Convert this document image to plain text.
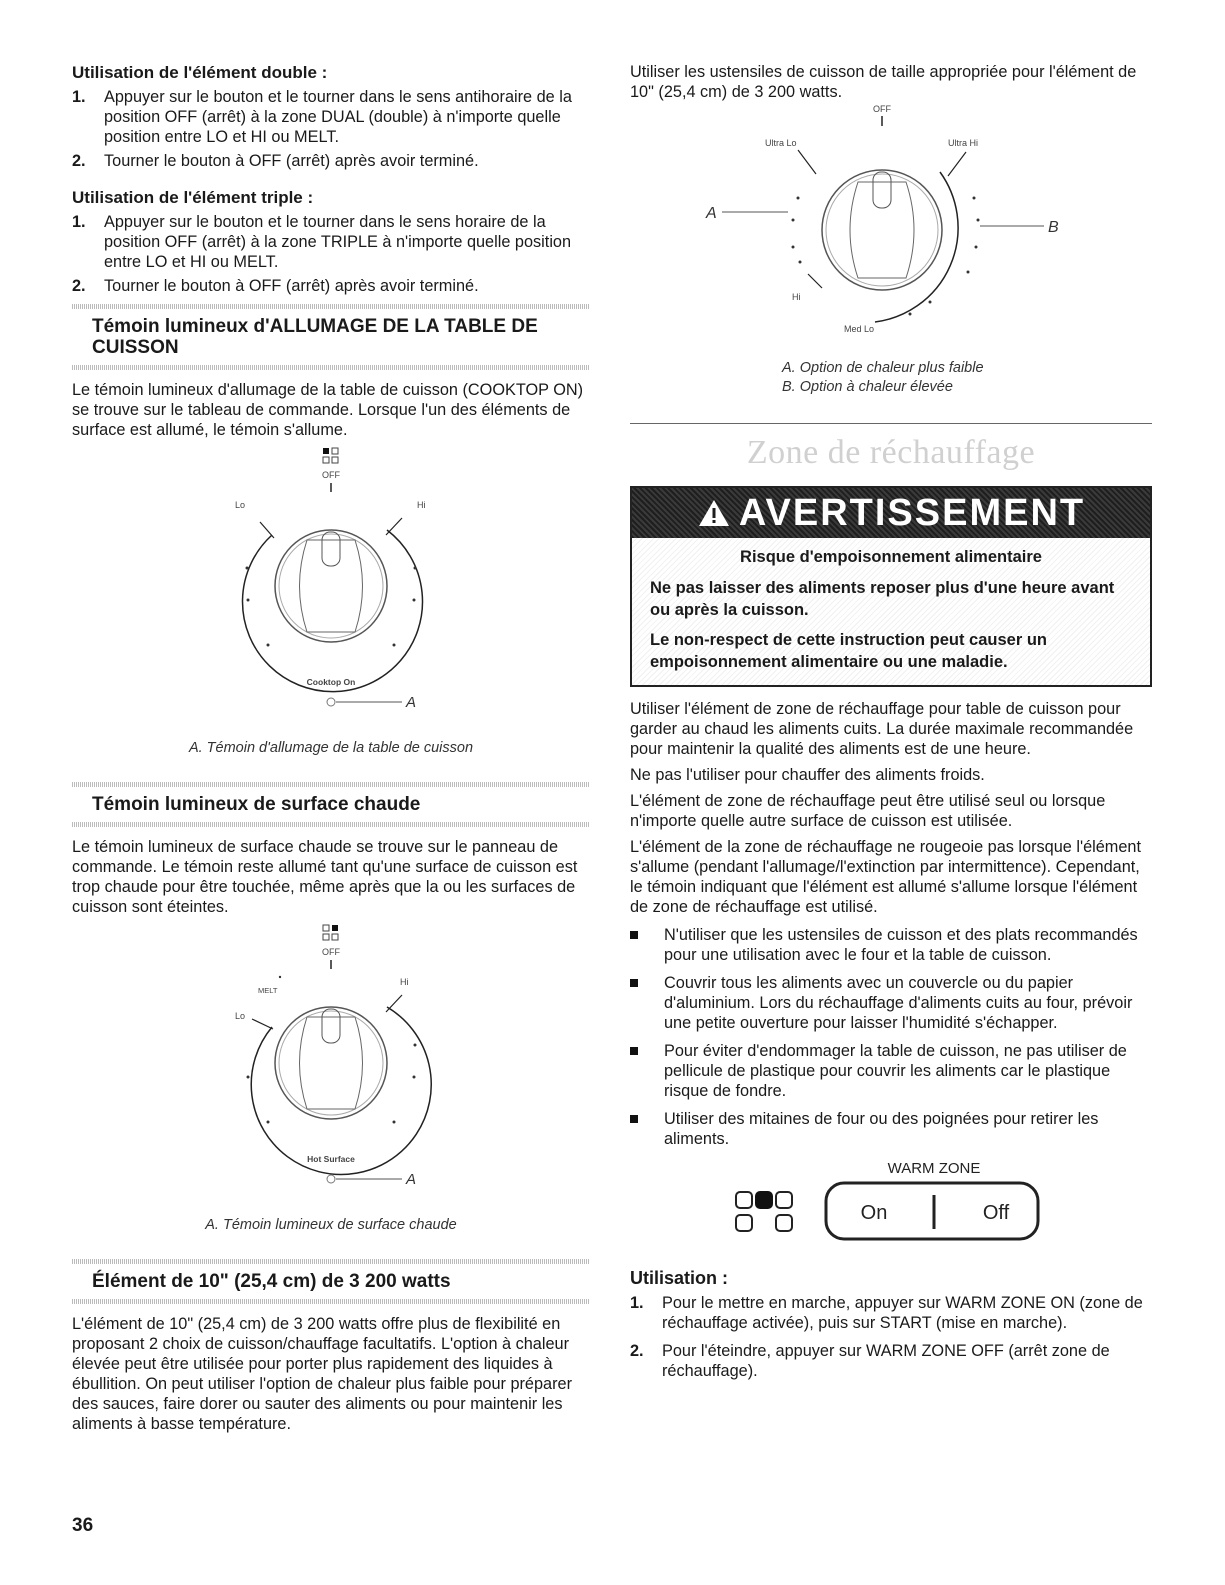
Utilisation de l'élément double :
1. Appuyer sur le bouton et le tourner dans le sens antihoraire de la position OFF (arrêt) à la zone DUAL (double) à n'importe quelle position entre LO et HI ou MELT.
2. Tourner le bouton à OFF (arrêt) après avoir terminé.
Utilisation de l'élément triple :
1. Appuyer sur le bouton et le tourner dans le sens horaire de la position OFF (arrêt) à la zone TRIPLE à n'importe quelle position entre LO et HI ou MELT.
2. Tourner le bouton à OFF (arrêt) après avoir terminé.
Témoin lumineux d'ALLUMAGE DE LA TABLE DE CUISSON

Le témoin lumineux d'allumage de la table de cuisson (COOKTOP ON) se trouve sur le tableau de commande. Lorsque l'un des éléments de surface est allumé, le témoin s'allume.

OFF
Lo	Hi
Cooktop On
A
A. Témoin d'allumage de la table de cuisson
Témoin lumineux de surface chaude

Le témoin lumineux de surface chaude se trouve sur le panneau de commande. Le témoin reste allumé tant qu'une surface de cuisson est trop chaude pour être touchée, même après que la ou les surfaces de cuisson sont éteintes.

OFF
MELT
Lo
Hi
Hot Surface
A
A. Témoin lumineux de surface chaude
Élément de 10" (25,4 cm) de 3 200 watts

L'élément de 10" (25,4 cm) de 3 200 watts offre plus de flexibilité en proposant 2 choix de cuisson/chauffage facultatifs. L'option à chaleur élevée peut être utilisée pour porter plus rapidement des liquides à ébullition. On peut utiliser l'option de chaleur plus faible pour préparer des sauces, faire dorer ou sauter des aliments ou pour maintenir les aliments à basse température.

Utiliser les ustensiles de cuisson de taille appropriée pour l'élément de 10" (25,4 cm) de 3 200 watts.

OFF
Ultra Lo	Ultra Hi
A
B
Hi
Med Lo
A. Option de chaleur plus faible
B. Option à chaleur élevée
Zone de réchauffage
AVERTISSEMENT
Risque d'empoisonnement alimentaire
Ne pas laisser des aliments reposer plus d'une heure avant ou après la cuisson.
Le non-respect de cette instruction peut causer un empoisonnement alimentaire ou une maladie.

Utiliser l'élément de zone de réchauffage pour table de cuisson pour garder au chaud les aliments cuits. La durée maximale recommandée pour maintenir la qualité des aliments est de une heure.

Ne pas l'utiliser pour chauffer des aliments froids.

L'élément de zone de réchauffage peut être utilisé seul ou lorsque n'importe quelle autre surface de cuisson est utilisée.

L'élément de la zone de réchauffage ne rougeoie pas lorsque l'élément s'allume (pendant l'allumage/l'extinction par intermittence). Cependant, le témoin indiquant que l'élément est allumé s'allume lorsque l'élément de zone de réchauffage est utilisé.

N'utiliser que les ustensiles de cuisson et des plats recommandés pour une utilisation avec le four et la table de cuisson.
Couvrir tous les aliments avec un couvercle ou du papier d'aluminium. Lors du réchauffage d'aliments cuits au four, prévoir une petite ouverture pour laisser l'humidité s'échapper.
Pour éviter d'endommager la table de cuisson, ne pas utiliser de pellicule de plastique pour couvrir les aliments car le plastique risque de fondre.
Utiliser des mitaines de four ou des poignées pour retirer les aliments.
WARM ZONE
On	Off
Utilisation :
1. Pour le mettre en marche, appuyer sur WARM ZONE ON (zone de réchauffage activée), puis sur START (mise en marche).
2. Pour l'éteindre, appuyer sur WARM ZONE OFF (arrêt zone de réchauffage).
36
